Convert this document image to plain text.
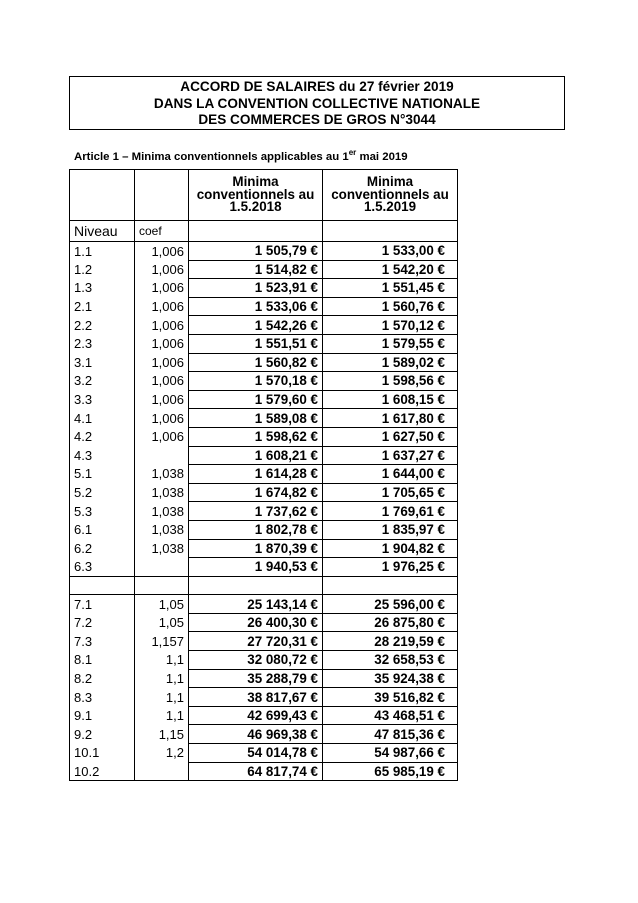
ACCORD DE SALAIRES du 27 février 2019
DANS LA CONVENTION COLLECTIVE NATIONALE
DES COMMERCES DE GROS N°3044
Article 1 – Minima conventionnels applicables au 1er mai 2019
		Minima conventionnels au 1.5.2018	Minima conventionnels au 1.5.2019
Niveau	coef		
1.1	1,006	1 505,79 €	1 533,00 €
1.2	1,006	1 514,82 €	1 542,20 €
1.3	1,006	1 523,91 €	1 551,45 €
2.1	1,006	1 533,06 €	1 560,76 €
2.2	1,006	1 542,26 €	1 570,12 €
2.3	1,006	1 551,51 €	1 579,55 €
3.1	1,006	1 560,82 €	1 589,02 €
3.2	1,006	1 570,18 €	1 598,56 €
3.3	1,006	1 579,60 €	1 608,15 €
4.1	1,006	1 589,08 €	1 617,80 €
4.2	1,006	1 598,62 €	1 627,50 €
4.3		1 608,21 €	1 637,27 €
5.1	1,038	1 614,28 €	1 644,00 €
5.2	1,038	1 674,82 €	1 705,65 €
5.3	1,038	1 737,62 €	1 769,61 €
6.1	1,038	1 802,78 €	1 835,97 €
6.2	1,038	1 870,39 €	1 904,82 €
6.3		1 940,53 €	1 976,25 €

7.1	1,05	25 143,14 €	25 596,00 €
7.2	1,05	26 400,30 €	26 875,80 €
7.3	1,157	27 720,31 €	28 219,59 €
8.1	1,1	32 080,72 €	32 658,53 €
8.2	1,1	35 288,79 €	35 924,38 €
8.3	1,1	38 817,67 €	39 516,82 €
9.1	1,1	42 699,43 €	43 468,51 €
9.2	1,15	46 969,38 €	47 815,36 €
10.1	1,2	54 014,78 €	54 987,66 €
10.2		64 817,74 €	65 985,19 €
